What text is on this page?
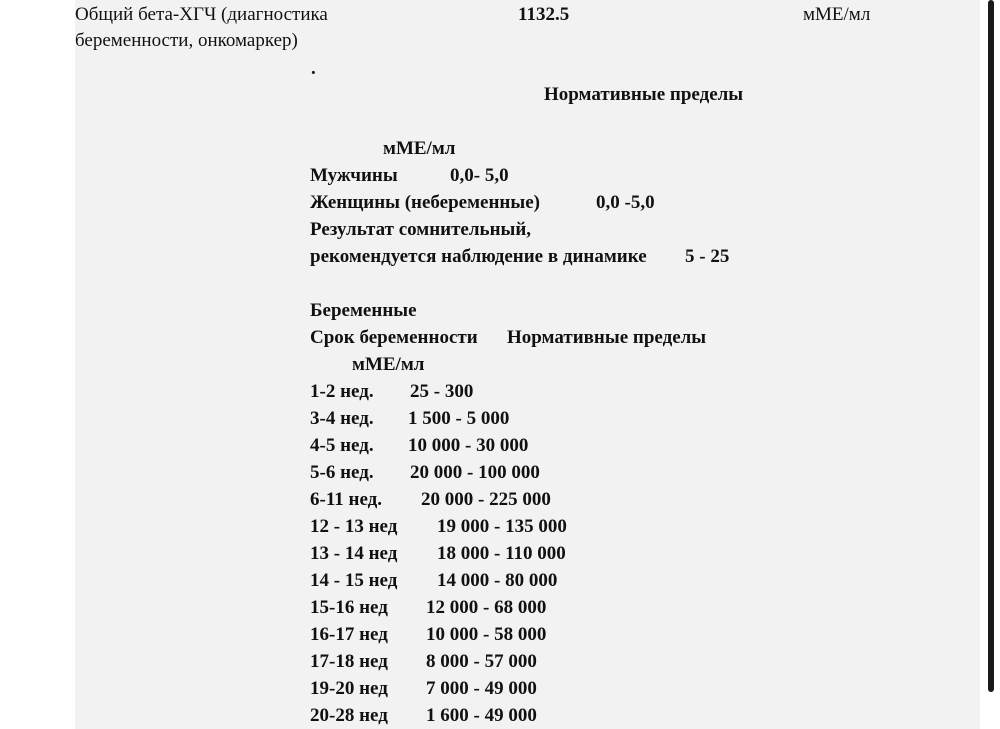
Общий бета-ХГЧ (диагностика
беременности, онкомаркер)
1132.5	мМЕ/мл
.
Нормативные пределы
мМЕ/мл
Мужчины	0,0- 5,0
Женщины (небеременные)	0,0 -5,0
Результат сомнительный,
рекомендуется наблюдение в динамике 5 - 25
Беременные
Срок беременности Нормативные пределы
мМЕ/мл
1-2 нед. 25 - 300
3-4 нед. 1 500 - 5 000
4-5 нед. 10 000 - 30 000
5-6 нед. 20 000 - 100 000
6-11 нед. 20 000 - 225 000
12 - 13 нед 19 000 - 135 000
13 - 14 нед 18 000 - 110 000
14 - 15 нед 14 000 - 80 000
15-16 нед 12 000 - 68 000
16-17 нед 10 000 - 58 000
17-18 нед 8 000 - 57 000
19-20 нед 7 000 - 49 000
20-28 нед 1 600 - 49 000
